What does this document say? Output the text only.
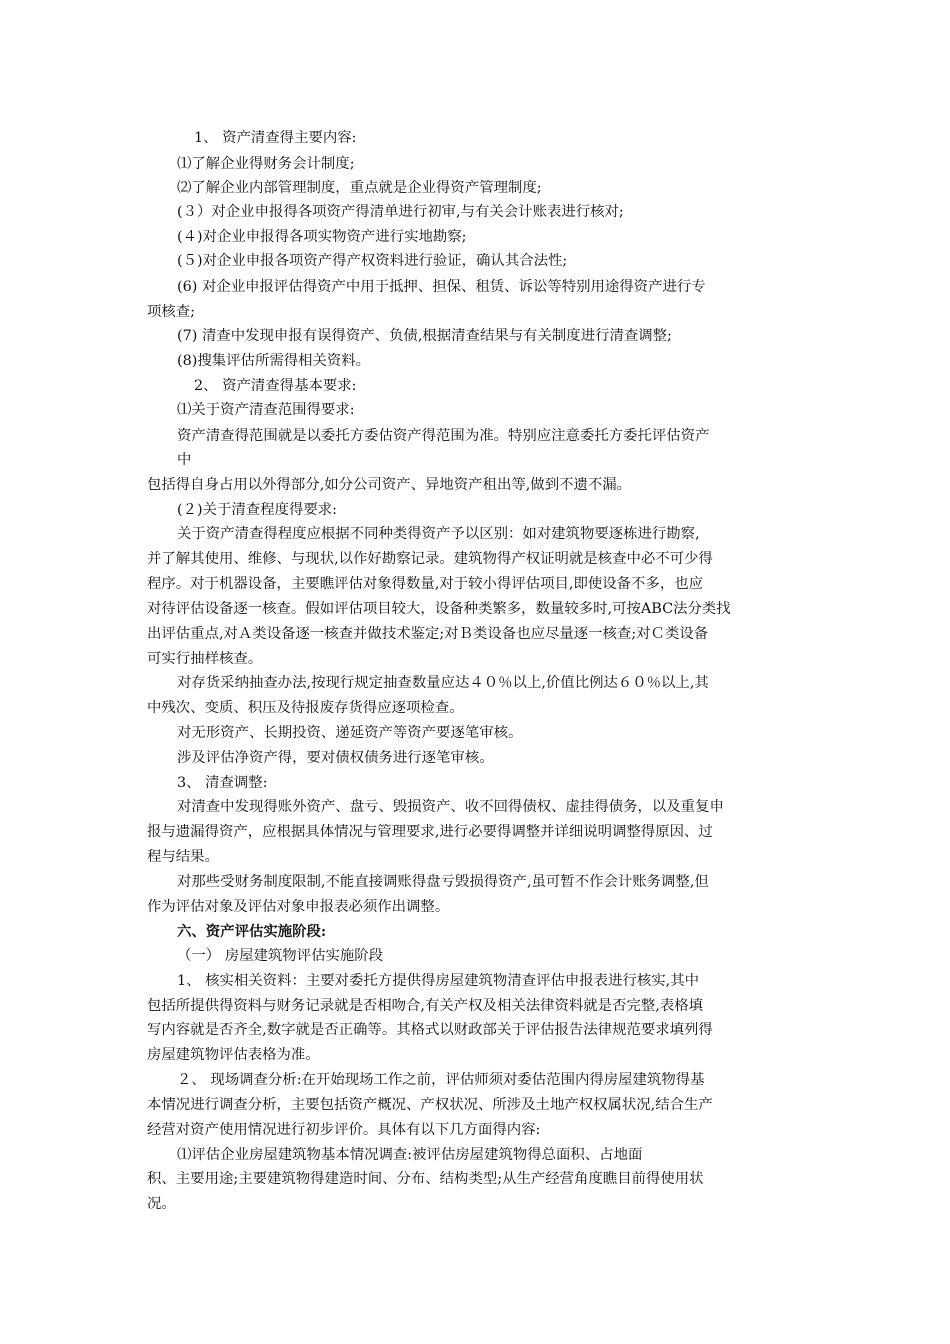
1、 资产清查得主要内容:
⑴了解企业得财务会计制度;
⑵了解企业内部管理制度，重点就是企业得资产管理制度;
(３）对企业申报得各项资产得清单进行初审,与有关会计账表进行核对;
(４)对企业申报得各项实物资产进行实地勘察;
(５)对企业申报各项资产得产权资料进行验证，确认其合法性;
(6) 对企业申报评估得资产中用于抵押、担保、租赁、诉讼等特别用途得资产进行专
项核查;
(7) 清查中发现申报有误得资产、负债,根据清查结果与有关制度进行清查调整;
(8)搜集评估所需得相关资料。
2、 资产清查得基本要求:
⑴关于资产清查范围得要求:
资产清查得范围就是以委托方委估资产得范围为准。特别应注意委托方委托评估资产
中
包括得自身占用以外得部分,如分公司资产、异地资产租出等,做到不遗不漏。
(２)关于清查程度得要求:
关于资产清查得程度应根据不同种类得资产予以区别：如对建筑物要逐栋进行勘察,
并了解其使用、维修、与现状,以作好勘察记录。建筑物得产权证明就是核查中必不可少得
程序。对于机器设备，主要瞧评估对象得数量,对于较小得评估项目,即使设备不多，也应
对待评估设备逐一核查。假如评估项目较大，设备种类繁多，数量较多时,可按ABC法分类找
出评估重点,对Ａ类设备逐一核查并做技术鉴定;对Ｂ类设备也应尽量逐一核查;对Ｃ类设备
可实行抽样核查。
对存货采纳抽查办法,按现行规定抽查数量应达４０％以上,价值比例达６０％以上,其
中残次、变质、积压及待报废存货得应逐项检查。
对无形资产、长期投资、递延资产等资产要逐笔审核。
涉及评估净资产得，要对债权债务进行逐笔审核。
3、 清查调整:
对清查中发现得账外资产、盘亏、毁损资产、收不回得债权、虚挂得债务，以及重复申
报与遗漏得资产，应根据具体情况与管理要求,进行必要得调整并详细说明调整得原因、过
程与结果。
对那些受财务制度限制,不能直接调账得盘亏毁损得资产,虽可暂不作会计账务调整,但
作为评估对象及评估对象申报表必须作出调整。
六、资产评估实施阶段:
（一） 房屋建筑物评估实施阶段
1、 核实相关资料：主要对委托方提供得房屋建筑物清查评估申报表进行核实,其中
包括所提供得资料与财务记录就是否相吻合,有关产权及相关法律资料就是否完整,表格填
写内容就是否齐全,数字就是否正确等。其格式以财政部关于评估报告法律规范要求填列得
房屋建筑物评估表格为准。
２、 现场调查分析:在开始现场工作之前，评估师须对委估范围内得房屋建筑物得基
本情况进行调查分析，主要包括资产概况、产权状况、所涉及土地产权权属状况,结合生产
经营对资产使用情况进行初步评价。具体有以下几方面得内容:
⑴评估企业房屋建筑物基本情况调查:被评估房屋建筑物得总面积、占地面
积、主要用途;主要建筑物得建造时间、分布、结构类型;从生产经营角度瞧目前得使用状
况。
